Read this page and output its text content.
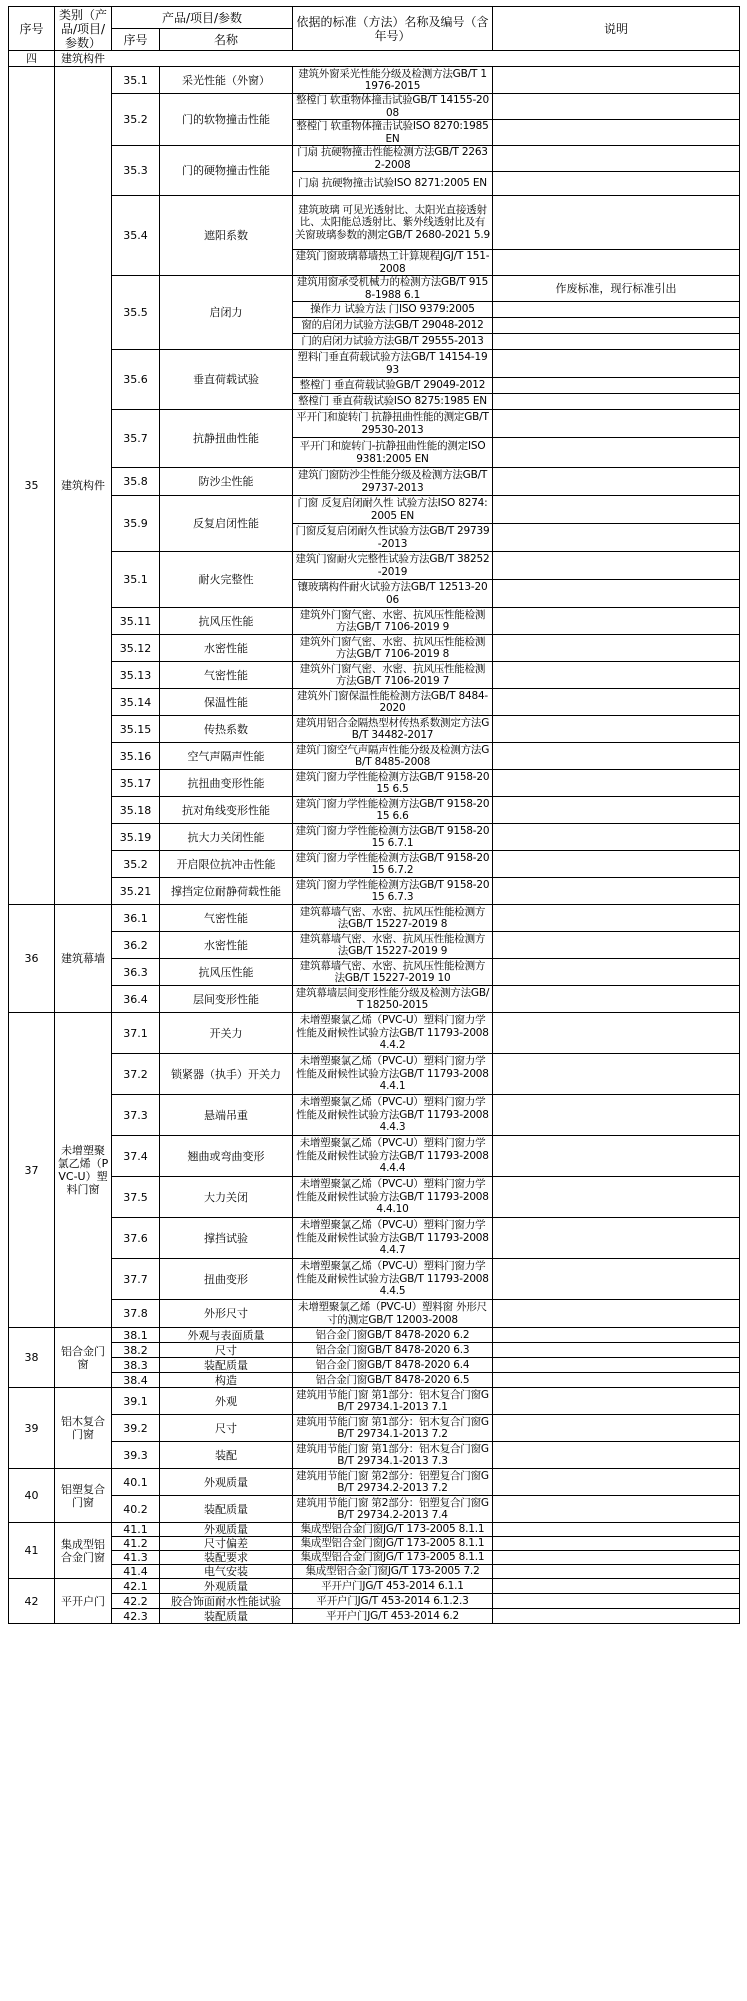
序号	类别（产品/项目/参数）	产品/项目/参数		依据的标准（方法）名称及编号（含年号）	说明
		序号	名称		
四	建筑构件				
35	建筑构件	35.1	采光性能（外窗）	建筑外窗采光性能分级及检测方法GB/T 11976-2015	
		35.2	门的软物撞击性能	整樘门 软重物体撞击试验GB/T 14155-2008	
				整樘门 软重物体撞击试验ISO 8270:1985 EN	
		35.3	门的硬物撞击性能	门扇 抗硬物撞击性能检测方法GB/T 22632-2008	
				门扇 抗硬物撞击试验ISO 8271:2005 EN	
		35.4	遮阳系数	建筑玻璃 可见光透射比、太阳光直接透射比、太阳能总透射比、紫外线透射比及有关窗玻璃参数的测定GB/T 2680-2021 5.9	
				建筑门窗玻璃幕墙热工计算规程JGJ/T 151-2008	
		35.5	启闭力	建筑用窗承受机械力的检测方法GB/T 9158-1988 6.1	作废标准，现行标准引出
				操作力 试验方法 门ISO 9379:2005	
				窗的启闭力试验方法GB/T 29048-2012	
				门的启闭力试验方法GB/T 29555-2013	
		35.6	垂直荷载试验	塑料门垂直荷载试验方法GB/T 14154-1993	
				整樘门 垂直荷载试验GB/T 29049-2012	
				整樘门 垂直荷载试验ISO 8275:1985 EN	
		35.7	抗静扭曲性能	平开门和旋转门 抗静扭曲性能的测定GB/T 29530-2013	
				平开门和旋转门-抗静扭曲性能的测定ISO 9381:2005 EN	
		35.8	防沙尘性能	建筑门窗防沙尘性能分级及检测方法GB/T 29737-2013	
		35.9	反复启闭性能	门窗 反复启闭耐久性 试验方法ISO 8274:2005 EN	
				门窗反复启闭耐久性试验方法GB/T 29739-2013	
		35.1	耐火完整性	建筑门窗耐火完整性试验方法GB/T 38252-2019	
				镶玻璃构件耐火试验方法GB/T 12513-2006	
		35.11	抗风压性能	建筑外门窗气密、水密、抗风压性能检测方法GB/T 7106-2019 9	
		35.12	水密性能	建筑外门窗气密、水密、抗风压性能检测方法GB/T 7106-2019 8	
		35.13	气密性能	建筑外门窗气密、水密、抗风压性能检测方法GB/T 7106-2019 7	
		35.14	保温性能	建筑外门窗保温性能检测方法GB/T 8484-2020	
		35.15	传热系数	建筑用铝合金隔热型材传热系数测定方法GB/T 34482-2017	
		35.16	空气声隔声性能	建筑门窗空气声隔声性能分级及检测方法GB/T 8485-2008	
		35.17	抗扭曲变形性能	建筑门窗力学性能检测方法GB/T 9158-2015 6.5	
		35.18	抗对角线变形性能	建筑门窗力学性能检测方法GB/T 9158-2015 6.6	
		35.19	抗大力关闭性能	建筑门窗力学性能检测方法GB/T 9158-2015 6.7.1	
		35.2	开启限位抗冲击性能	建筑门窗力学性能检测方法GB/T 9158-2015 6.7.2	
		35.21	撑挡定位耐静荷载性能	建筑门窗力学性能检测方法GB/T 9158-2015 6.7.3	
36	建筑幕墙	36.1	气密性能	建筑幕墙气密、水密、抗风压性能检测方法GB/T 15227-2019 8	
		36.2	水密性能	建筑幕墙气密、水密、抗风压性能检测方法GB/T 15227-2019 9	
		36.3	抗风压性能	建筑幕墙气密、水密、抗风压性能检测方法GB/T 15227-2019 10	
		36.4	层间变形性能	建筑幕墙层间变形性能分级及检测方法GB/T 18250-2015	
37	未增塑聚氯乙烯（PVC-U）塑料门窗	37.1	开关力	未增塑聚氯乙烯（PVC-U）塑料门窗力学性能及耐候性试验方法GB/T 11793-2008 4.4.2	
		37.2	锁紧器（执手）开关力	未增塑聚氯乙烯（PVC-U）塑料门窗力学性能及耐候性试验方法GB/T 11793-2008 4.4.1	
		37.3	悬端吊重	未增塑聚氯乙烯（PVC-U）塑料门窗力学性能及耐候性试验方法GB/T 11793-2008 4.4.3	
		37.4	翘曲或弯曲变形	未增塑聚氯乙烯（PVC-U）塑料门窗力学性能及耐候性试验方法GB/T 11793-2008 4.4.4	
		37.5	大力关闭	未增塑聚氯乙烯（PVC-U）塑料门窗力学性能及耐候性试验方法GB/T 11793-2008 4.4.10	
		37.6	撑挡试验	未增塑聚氯乙烯（PVC-U）塑料门窗力学性能及耐候性试验方法GB/T 11793-2008 4.4.7	
		37.7	扭曲变形	未增塑聚氯乙烯（PVC-U）塑料门窗力学性能及耐候性试验方法GB/T 11793-2008 4.4.5	
		37.8	外形尺寸	未增塑聚氯乙烯（PVC-U）塑料窗 外形尺寸的测定GB/T 12003-2008	
38	铝合金门窗	38.1	外观与表面质量	铝合金门窗GB/T 8478-2020 6.2	
		38.2	尺寸	铝合金门窗GB/T 8478-2020 6.3	
		38.3	装配质量	铝合金门窗GB/T 8478-2020 6.4	
		38.4	构造	铝合金门窗GB/T 8478-2020 6.5	
39	铝木复合门窗	39.1	外观	建筑用节能门窗 第1部分：铝木复合门窗GB/T 29734.1-2013 7.1	
		39.2	尺寸	建筑用节能门窗 第1部分：铝木复合门窗GB/T 29734.1-2013 7.2	
		39.3	装配	建筑用节能门窗 第1部分：铝木复合门窗GB/T 29734.1-2013 7.3	
40	铝塑复合门窗	40.1	外观质量	建筑用节能门窗 第2部分：铝塑复合门窗GB/T 29734.2-2013 7.2	
		40.2	装配质量	建筑用节能门窗 第2部分：铝塑复合门窗GB/T 29734.2-2013 7.4	
41	集成型铝合金门窗	41.1	外观质量	集成型铝合金门窗JG/T 173-2005 8.1.1	
		41.2	尺寸偏差	集成型铝合金门窗JG/T 173-2005 8.1.1	
		41.3	装配要求	集成型铝合金门窗JG/T 173-2005 8.1.1	
		41.4	电气安装	集成型铝合金门窗JG/T 173-2005 7.2	
42	平开户门	42.1	外观质量	平开户门JG/T 453-2014 6.1.1	
		42.2	胶合饰面耐水性能试验	平开户门JG/T 453-2014 6.1.2.3	
		42.3	装配质量	平开户门JG/T 453-2014 6.2	
